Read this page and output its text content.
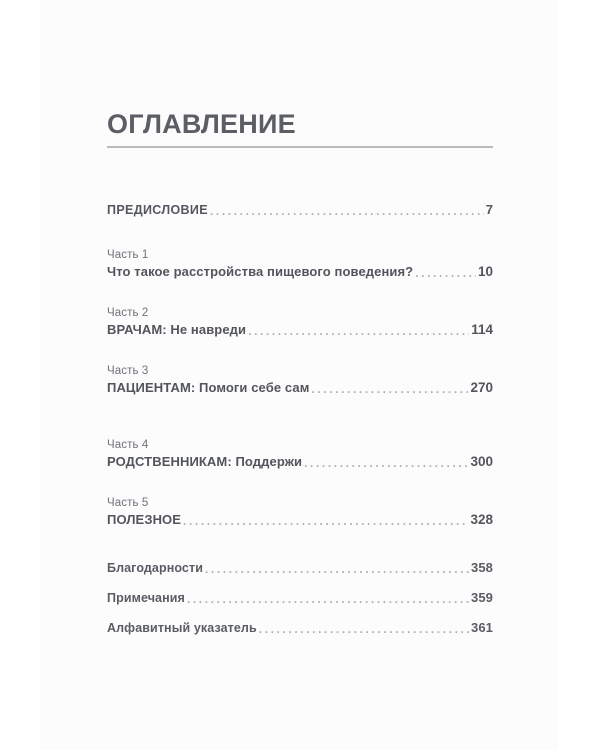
ОГЛАВЛЕНИЕ
ПРЕДИСЛОВИЕ .....	7
Часть 1
Что такое расстройства пищевого поведения? .....	10
Часть 2
ВРАЧАМ: Не навреди .....	114
Часть 3
ПАЦИЕНТАМ: Помоги себе сам .....	270
Часть 4
РОДСТВЕННИКАМ: Поддержи .....	300
Часть 5
ПОЛЕЗНОЕ .....	328
Благодарности .....	358
Примечания .....	359
Алфавитный указатель .....	361
